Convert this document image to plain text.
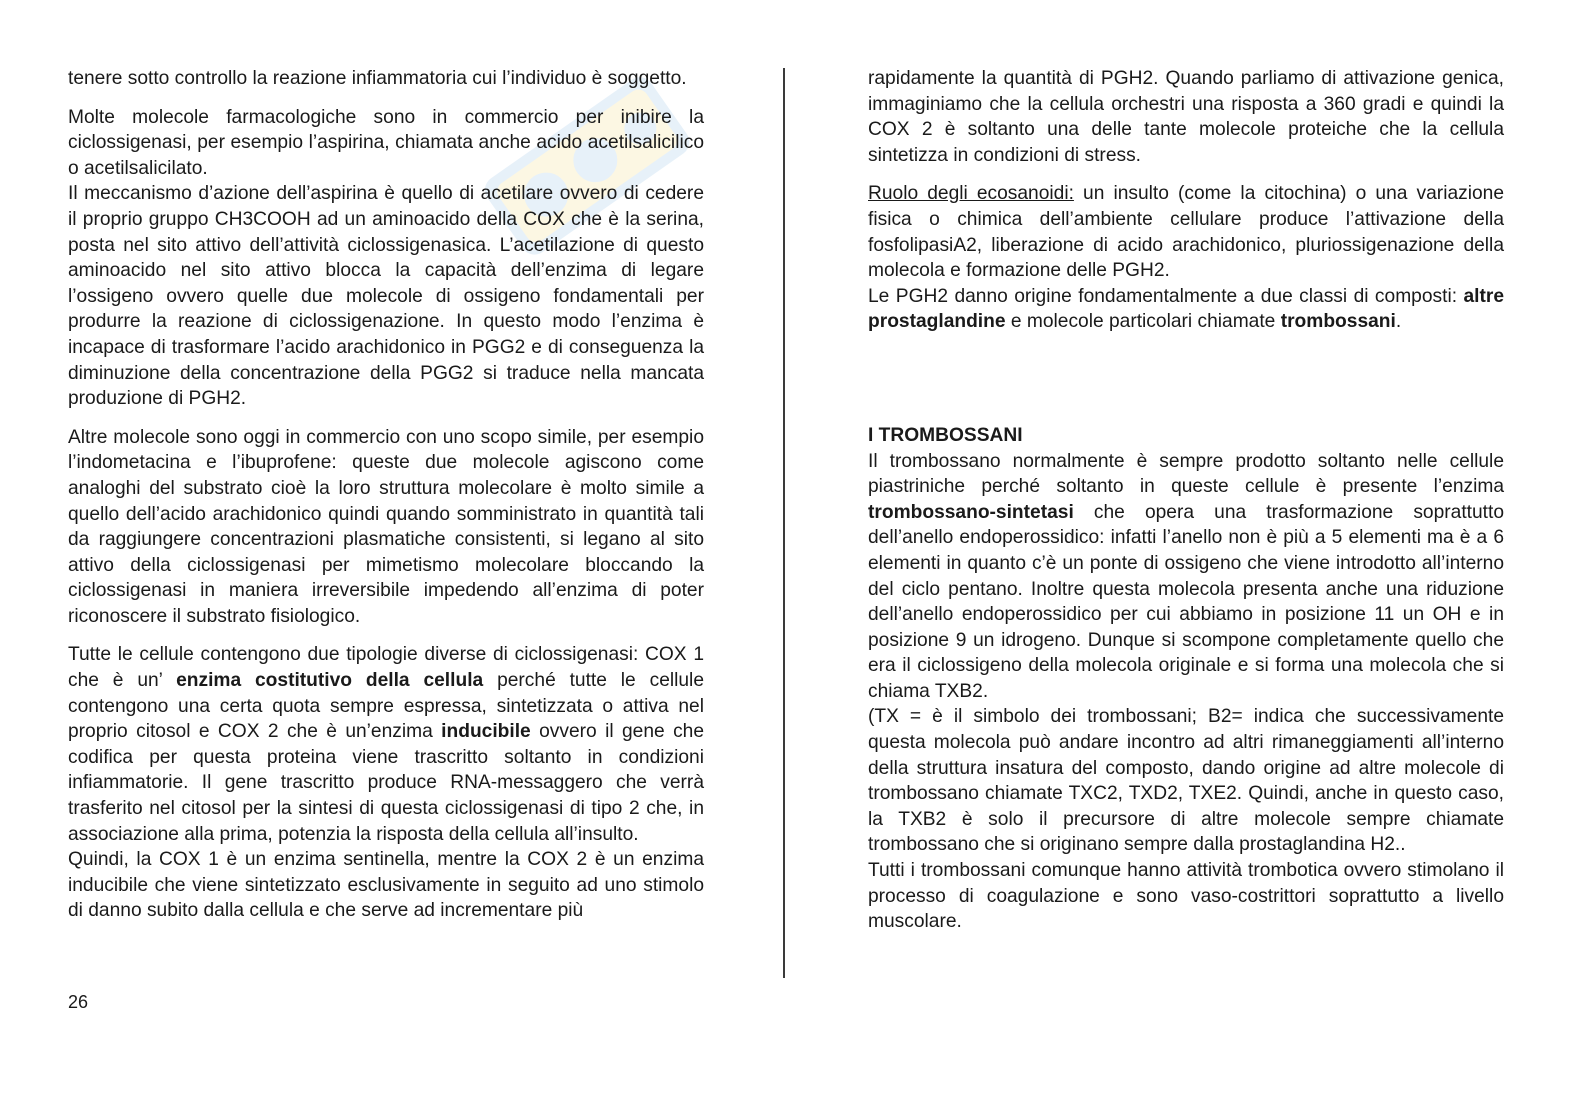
tenere sotto controllo la reazione infiammatoria cui l’individuo è soggetto.

Molte molecole farmacologiche sono in commercio per inibire la ciclossigenasi, per esempio l’aspirina, chiamata anche acido acetilsalicilico o acetilsalicilato.

Il meccanismo d’azione dell’aspirina è quello di acetilare ovvero di cedere il proprio gruppo CH3COOH ad un aminoacido della COX che è la serina, posta nel sito attivo dell’attività ciclossigenasica. L’acetilazione di questo aminoacido nel sito attivo blocca la capacità dell’enzima di legare l’ossigeno ovvero quelle due molecole di ossigeno fondamentali per produrre la reazione di ciclossigenazione. In questo modo l’enzima è incapace di trasformare l’acido arachidonico in PGG2 e di conseguenza la diminuzione della concentrazione della PGG2 si traduce nella mancata produzione di PGH2.

Altre molecole sono oggi in commercio con uno scopo simile, per esempio l’indometacina e l’ibuprofene: queste due molecole agiscono come analoghi del substrato cioè la loro struttura molecolare è molto simile a quello dell’acido arachidonico quindi quando somministrato in quantità tali da raggiungere concentrazioni plasmatiche consistenti, si legano al sito attivo della ciclossigenasi per mimetismo molecolare bloccando la ciclossigenasi in maniera irreversibile impedendo all’enzima di poter riconoscere il substrato fisiologico.

Tutte le cellule contengono due tipologie diverse di ciclossigenasi: COX 1 che è un’ enzima costitutivo della cellula perché tutte le cellule contengono una certa quota sempre espressa, sintetizzata o attiva nel proprio citosol e COX 2 che è un’enzima inducibile ovvero il gene che codifica per questa proteina viene trascritto soltanto in condizioni infiammatorie. Il gene trascritto produce RNA-messaggero che verrà trasferito nel citosol per la sintesi di questa ciclossigenasi di tipo 2 che, in associazione alla prima, potenzia la risposta della cellula all’insulto.

Quindi, la COX 1 è un enzima sentinella, mentre la COX 2 è un enzima inducibile che viene sintetizzato esclusivamente in seguito ad uno stimolo di danno subito dalla cellula e che serve ad incrementare più

rapidamente la quantità di PGH2. Quando parliamo di attivazione genica, immaginiamo che la cellula orchestri una risposta a 360 gradi e quindi la COX 2 è soltanto una delle tante molecole proteiche che la cellula sintetizza in condizioni di stress.

Ruolo degli ecosanoidi: un insulto (come la citochina) o una variazione fisica o chimica dell’ambiente cellulare produce l’attivazione della fosfolipasiA2, liberazione di acido arachidonico, pluriossigenazione della molecola e formazione delle PGH2.

Le PGH2 danno origine fondamentalmente a due classi di composti: altre prostaglandine e molecole particolari chiamate trombossani.

I TROMBOSSANI

Il trombossano normalmente è sempre prodotto soltanto nelle cellule piastriniche perché soltanto in queste cellule è presente l’enzima trombossano-sintetasi che opera una trasformazione soprattutto dell’anello endoperossidico: infatti l’anello non è più a 5 elementi ma è a 6 elementi in quanto c’è un ponte di ossigeno che viene introdotto all’interno del ciclo pentano. Inoltre questa molecola presenta anche una riduzione dell’anello endoperossidico per cui abbiamo in posizione 11 un OH e in posizione 9 un idrogeno. Dunque si scompone completamente quello che era il ciclossigeno della molecola originale e si forma una molecola che si chiama TXB2.

(TX = è il simbolo dei trombossani; B2= indica che successivamente questa molecola può andare incontro ad altri rimaneggiamenti all’interno della struttura insatura del composto, dando origine ad altre molecole di trombossano chiamate TXC2, TXD2, TXE2. Quindi, anche in questo caso, la TXB2 è solo il precursore di altre molecole sempre chiamate trombossano che si originano sempre dalla prostaglandina H2..

Tutti i trombossani comunque hanno attività trombotica ovvero stimolano il processo di coagulazione e sono vaso-costrittori soprattutto a livello muscolare.

26
